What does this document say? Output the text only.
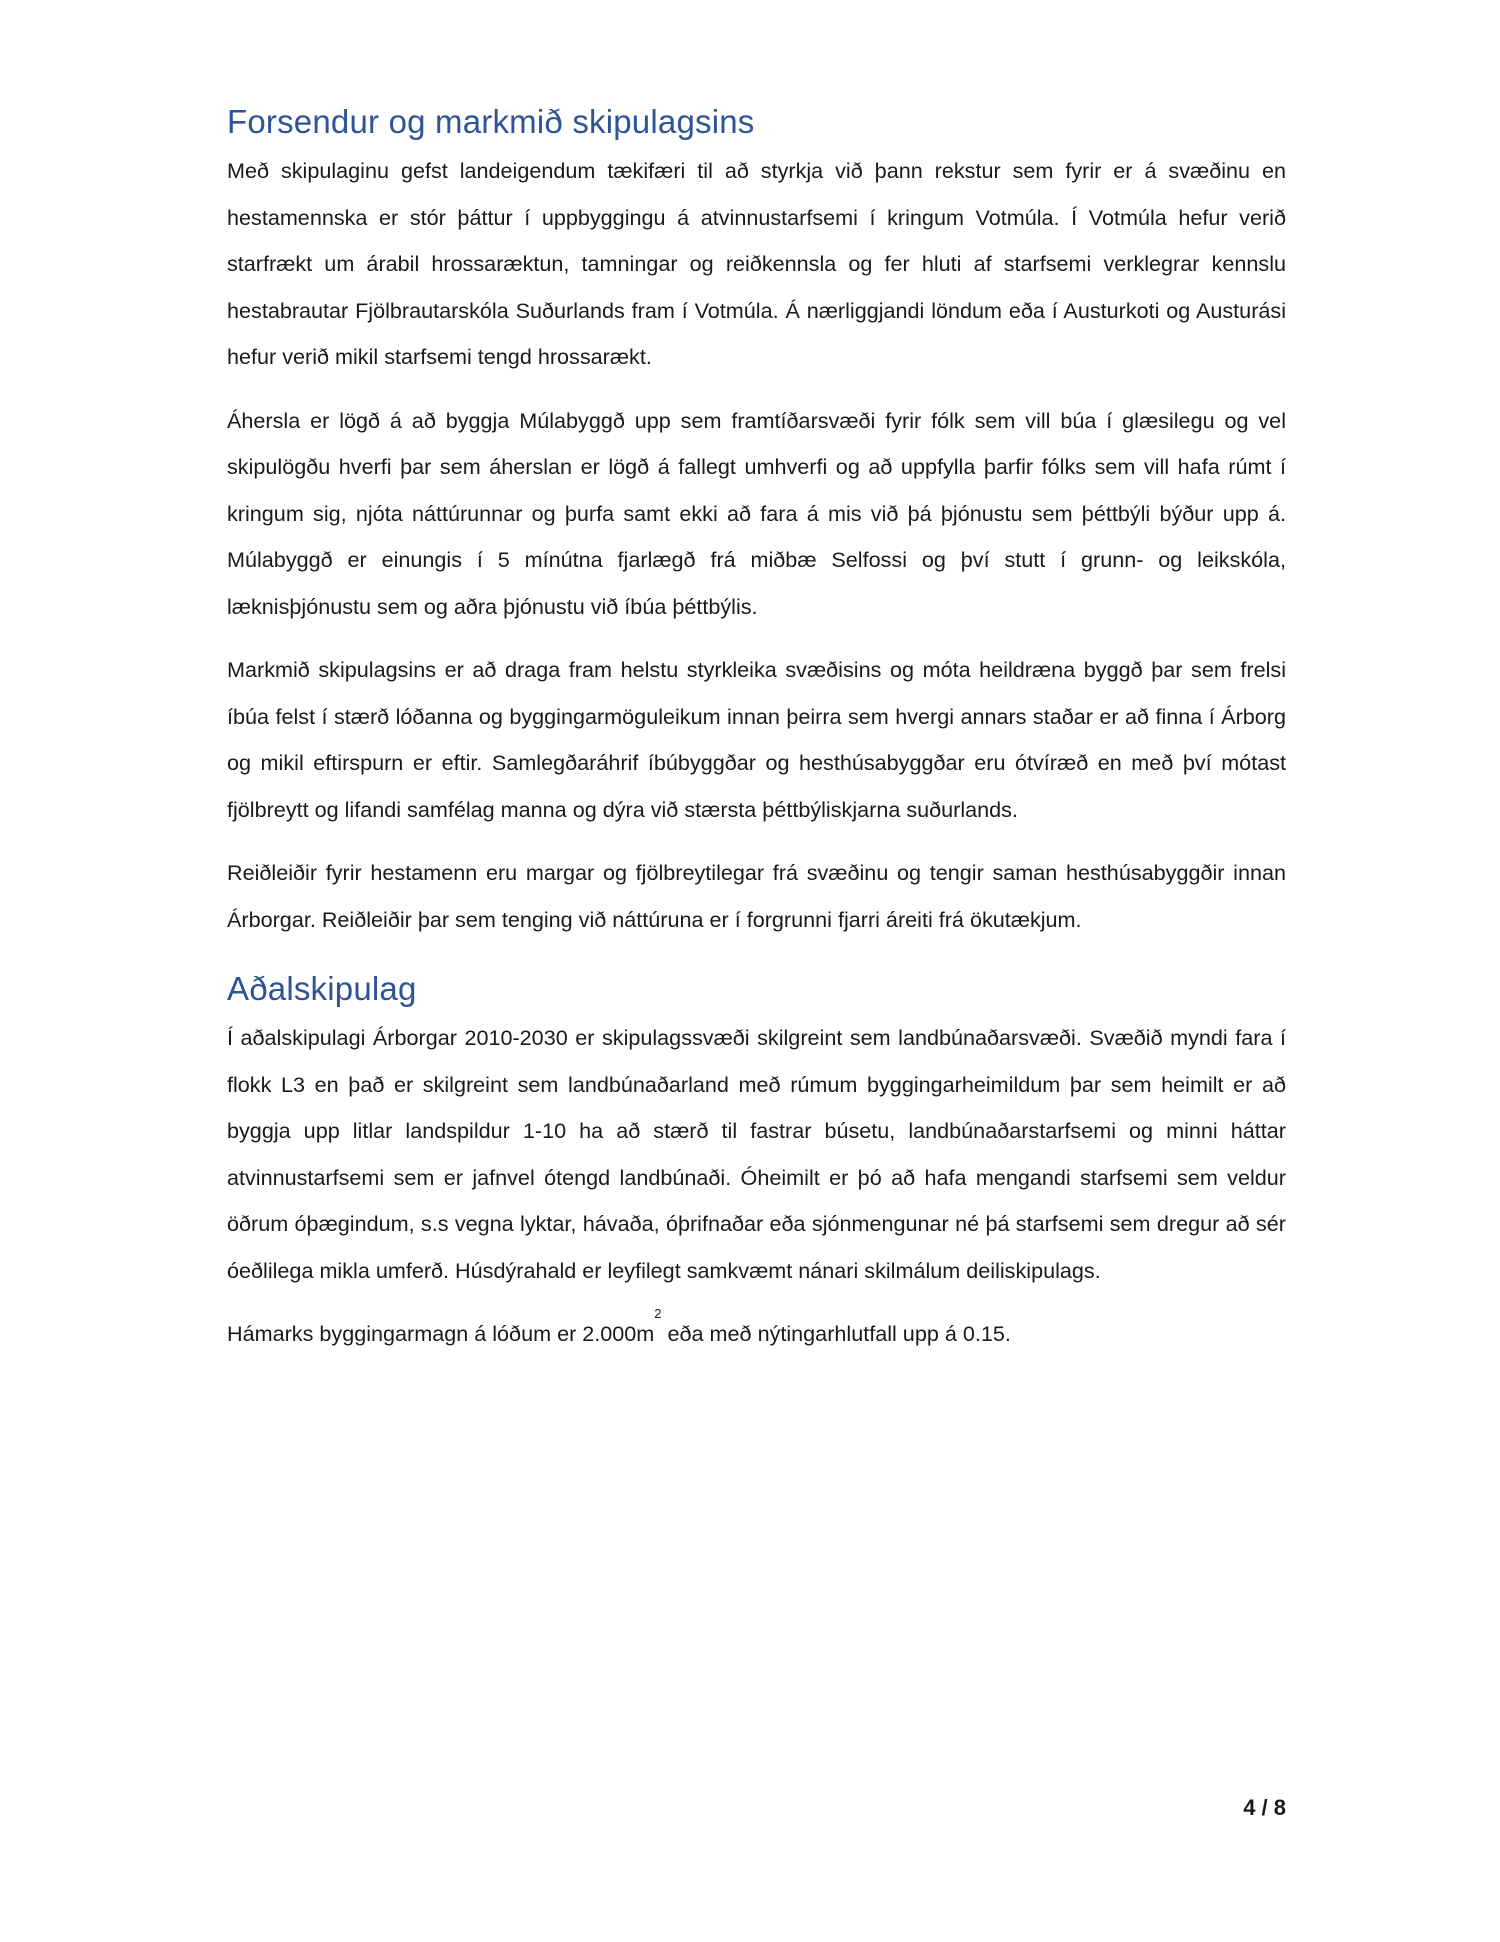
Forsendur og markmið skipulagsins

Með skipulaginu gefst landeigendum tækifæri til að styrkja við þann rekstur sem fyrir er á svæðinu en hestamennska er stór þáttur í uppbyggingu á atvinnustarfsemi í kringum Votmúla. Í Votmúla hefur verið starfrækt um árabil hrossaræktun, tamningar og reiðkennsla og fer hluti af starfsemi verklegrar kennslu hestabrautar Fjölbrautarskóla Suðurlands fram í Votmúla. Á nærliggjandi löndum eða í Austurkoti og Austurási hefur verið mikil starfsemi tengd hrossarækt.

Áhersla er lögð á að byggja Múlabyggð upp sem framtíðarsvæði fyrir fólk sem vill búa í glæsilegu og vel skipulögðu hverfi þar sem áherslan er lögð á fallegt umhverfi og að uppfylla þarfir fólks sem vill hafa rúmt í kringum sig, njóta náttúrunnar og þurfa samt ekki að fara á mis við þá þjónustu sem þéttbýli býður upp á. Múlabyggð er einungis í 5 mínútna fjarlægð frá miðbæ Selfossi og því stutt í grunn- og leikskóla, læknisþjónustu sem og aðra þjónustu við íbúa þéttbýlis.

Markmið skipulagsins er að draga fram helstu styrkleika svæðisins og móta heildræna byggð þar sem frelsi íbúa felst í stærð lóðanna og byggingarmöguleikum innan þeirra sem hvergi annars staðar er að finna í Árborg og mikil eftirspurn er eftir. Samlegðaráhrif íbúbyggðar og hesthúsabyggðar eru ótvíræð en með því mótast fjölbreytt og lifandi samfélag manna og dýra við stærsta þéttbýliskjarna suðurlands.

Reiðleiðir fyrir hestamenn eru margar og fjölbreytilegar frá svæðinu og tengir saman hesthúsabyggðir innan Árborgar. Reiðleiðir þar sem tenging við náttúruna er í forgrunni fjarri áreiti frá ökutækjum.

Aðalskipulag

Í aðalskipulagi Árborgar 2010-2030 er skipulagssvæði skilgreint sem landbúnaðarsvæði. Svæðið myndi fara í flokk L3 en það er skilgreint sem landbúnaðarland með rúmum byggingarheimildum þar sem heimilt er að byggja upp litlar landspildur 1-10 ha að stærð til fastrar búsetu, landbúnaðarstarfsemi og minni háttar atvinnustarfsemi sem er jafnvel ótengd landbúnaði. Óheimilt er þó að hafa mengandi starfsemi sem veldur öðrum óþægindum, s.s vegna lyktar, hávaða, óþrifnaðar eða sjónmengunar né þá starfsemi sem dregur að sér óeðlilega mikla umferð. Húsdýrahald er leyfilegt samkvæmt nánari skilmálum deiliskipulags.

Hámarks byggingarmagn á lóðum er $2.000m^2$ eða með nýtingarhlutfall upp á 0.15.

4 / 8
